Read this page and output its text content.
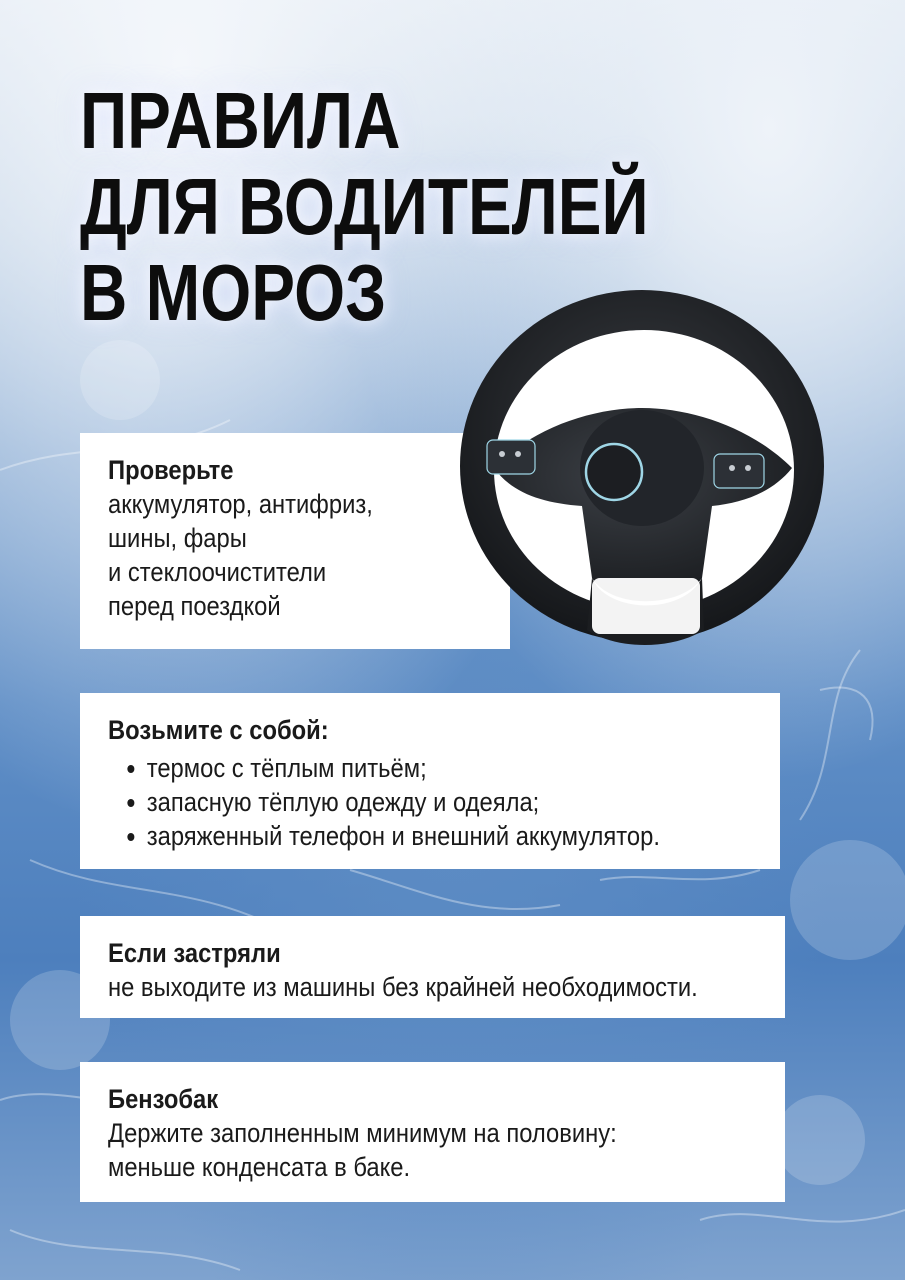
ПРАВИЛА
ДЛЯ ВОДИТЕЛЕЙ
В МОРОЗ
Проверьте

аккумулятор, антифриз,

шины, фары

и стеклоочистители

перед поездкой

Возьмите с собой:
термос с тёплым питьём;
запасную тёплую одежду и одеяла;
заряженный телефон и внешний аккумулятор.
Если застряли

не выходите из машины без крайней необходимости.

Бензобак

Держите заполненным минимум на половину:

меньше конденсата в баке.
